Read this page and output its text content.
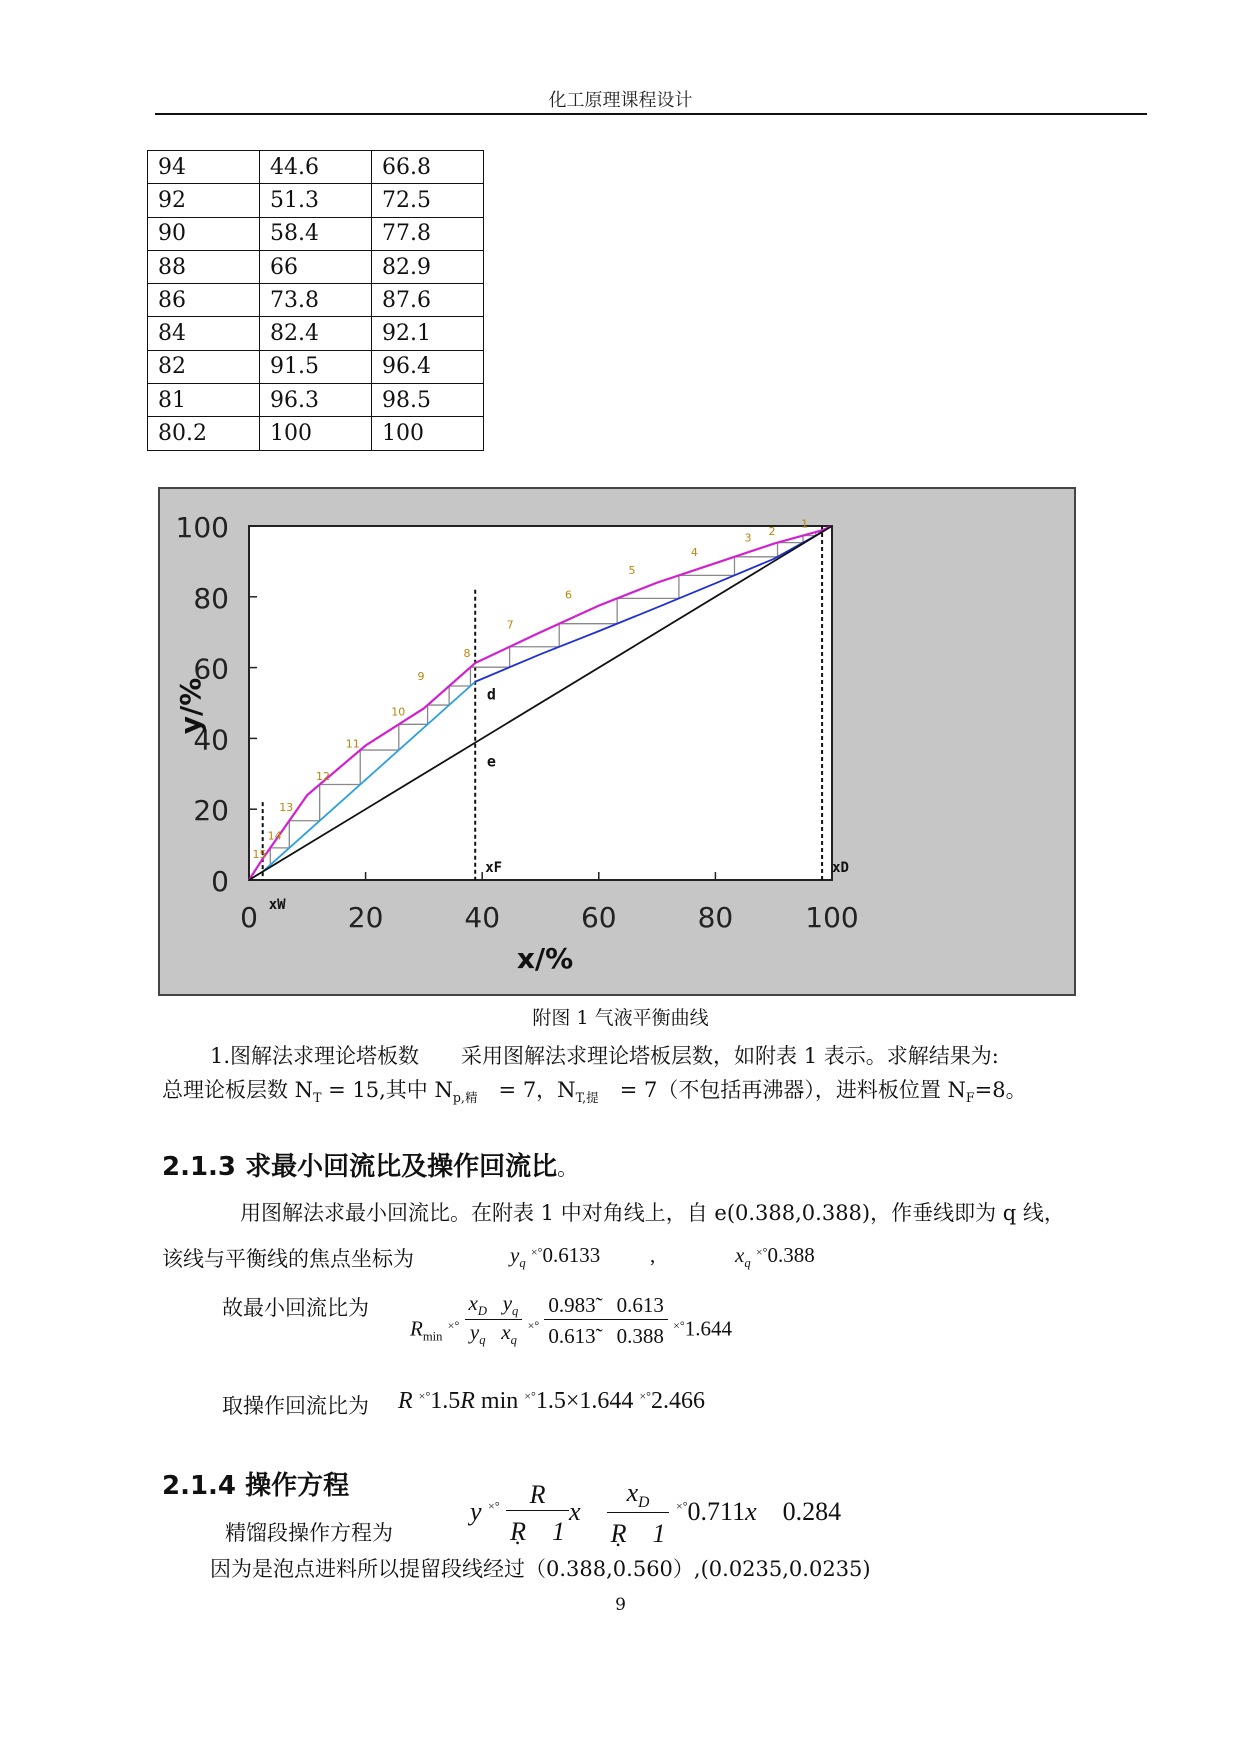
化工原理课程设计
94	44.6	66.8
92	51.3	72.5
90	58.4	77.8
88	66	82.9
86	73.8	87.6
84	82.4	92.1
82	91.5	96.4
81	96.3	98.5
80.2	100	100
0
20
40
60
80
100
0	20	40	60	80	100
xW
xF	xD
1
2
3
4
5
6
7
8
9
10
11
12
13
14
15
d
e
x/%
y/%
附图 1 气液平衡曲线
1.图解法求理论塔板数　　采用图解法求理论塔板层数，如附表 1 表示。求解结果为:
总理论板层数 $N_T = 15$,其中 $N_{p,精}$　= 7，$N_{T,提}$　= 7（不包括再沸器），进料板位置 $N_F=8$。
2.1.3 求最小回流比及操作回流比。
用图解法求最小回流比。在附表 1 中对角线上，自 e(0.388,0.388)，作垂线即为 q 线，
该线与平衡线的焦点坐标为	$y_q$ ×°0.6133 ,	$x_q$ ×°0.388
故最小回流比为
$R_{min}$ $^{\times^\circ} \frac{x_D y_q}{y_q x_q} ^{\times^\circ} \frac{0.983̃ 0.613}{0.613̃ 0.388} ^{\times^\circ}1.644$
取操作回流比为 R ×°1.5R min ×°1.5×1.644 ×°2.466
2.1.4 操作方程
精馏段操作方程为
y $^{\times^\circ} \frac{R}{\text{Ṛ　1}}$ x $\frac{x_D}{\text{Ṛ　1}} ^{\times^\circ}0.711x$　0.284
因为是泡点进料所以提留段线经过（0.388,0.560）,(0.0235,0.0235)
9
